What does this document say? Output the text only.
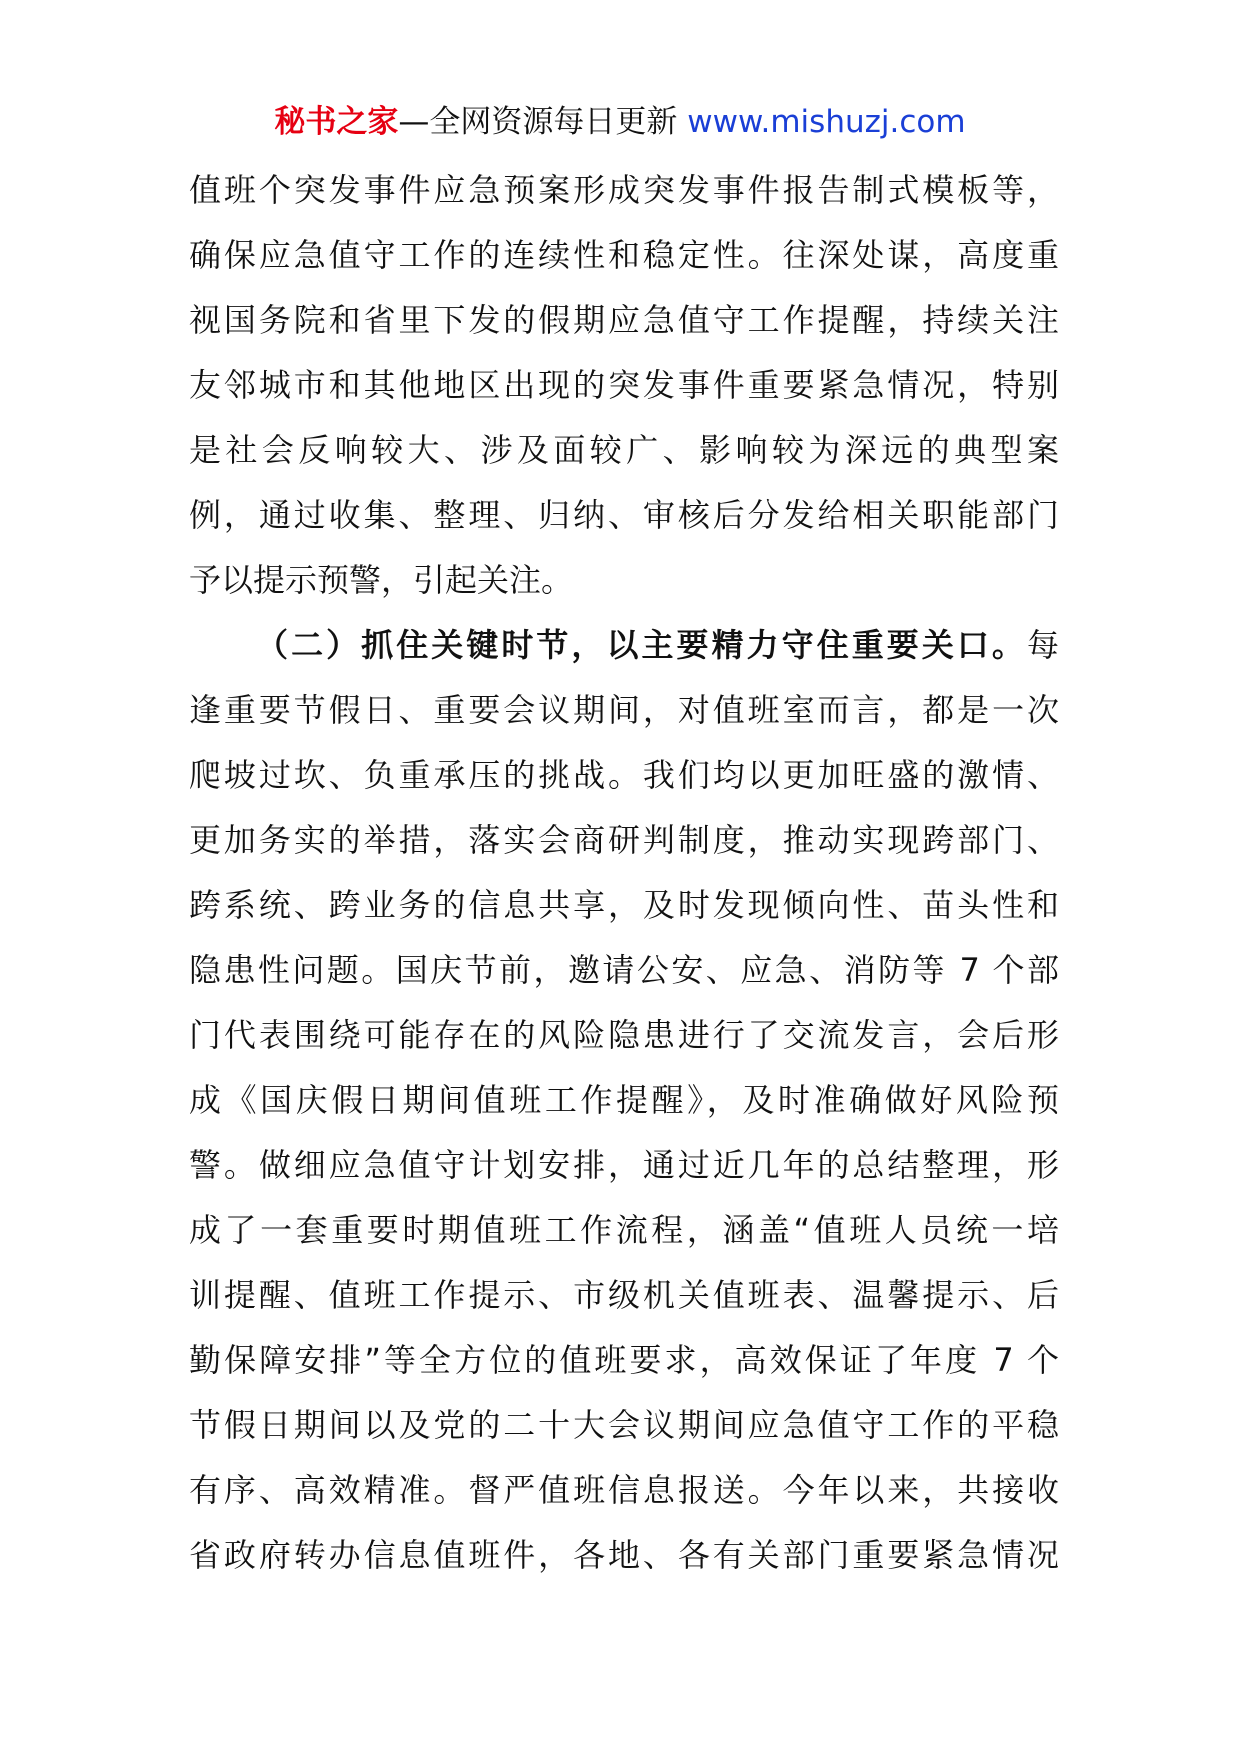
秘书之家—全网资源每日更新 www.mishuzj.com
值班个突发事件应急预案形成突发事件报告制式模板等，
确保应急值守工作的连续性和稳定性。往深处谋，高度重
视国务院和省里下发的假期应急值守工作提醒，持续关注
友邻城市和其他地区出现的突发事件重要紧急情况，特别
是社会反响较大、涉及面较广、影响较为深远的典型案
例，通过收集、整理、归纳、审核后分发给相关职能部门
予以提示预警，引起关注。
（二）抓住关键时节，以主要精力守住重要关口。每
逢重要节假日、重要会议期间，对值班室而言，都是一次
爬坡过坎、负重承压的挑战。我们均以更加旺盛的激情、
更加务实的举措，落实会商研判制度，推动实现跨部门、
跨系统、跨业务的信息共享，及时发现倾向性、苗头性和
隐患性问题。国庆节前，邀请公安、应急、消防等 7 个部
门代表围绕可能存在的风险隐患进行了交流发言，会后形
成《国庆假日期间值班工作提醒》，及时准确做好风险预
警。做细应急值守计划安排，通过近几年的总结整理，形
成了一套重要时期值班工作流程，涵盖“值班人员统一培
训提醒、值班工作提示、市级机关值班表、温馨提示、后
勤保障安排”等全方位的值班要求，高效保证了年度 7 个
节假日期间以及党的二十大会议期间应急值守工作的平稳
有序、高效精准。督严值班信息报送。今年以来，共接收
省政府转办信息值班件，各地、各有关部门重要紧急情况
